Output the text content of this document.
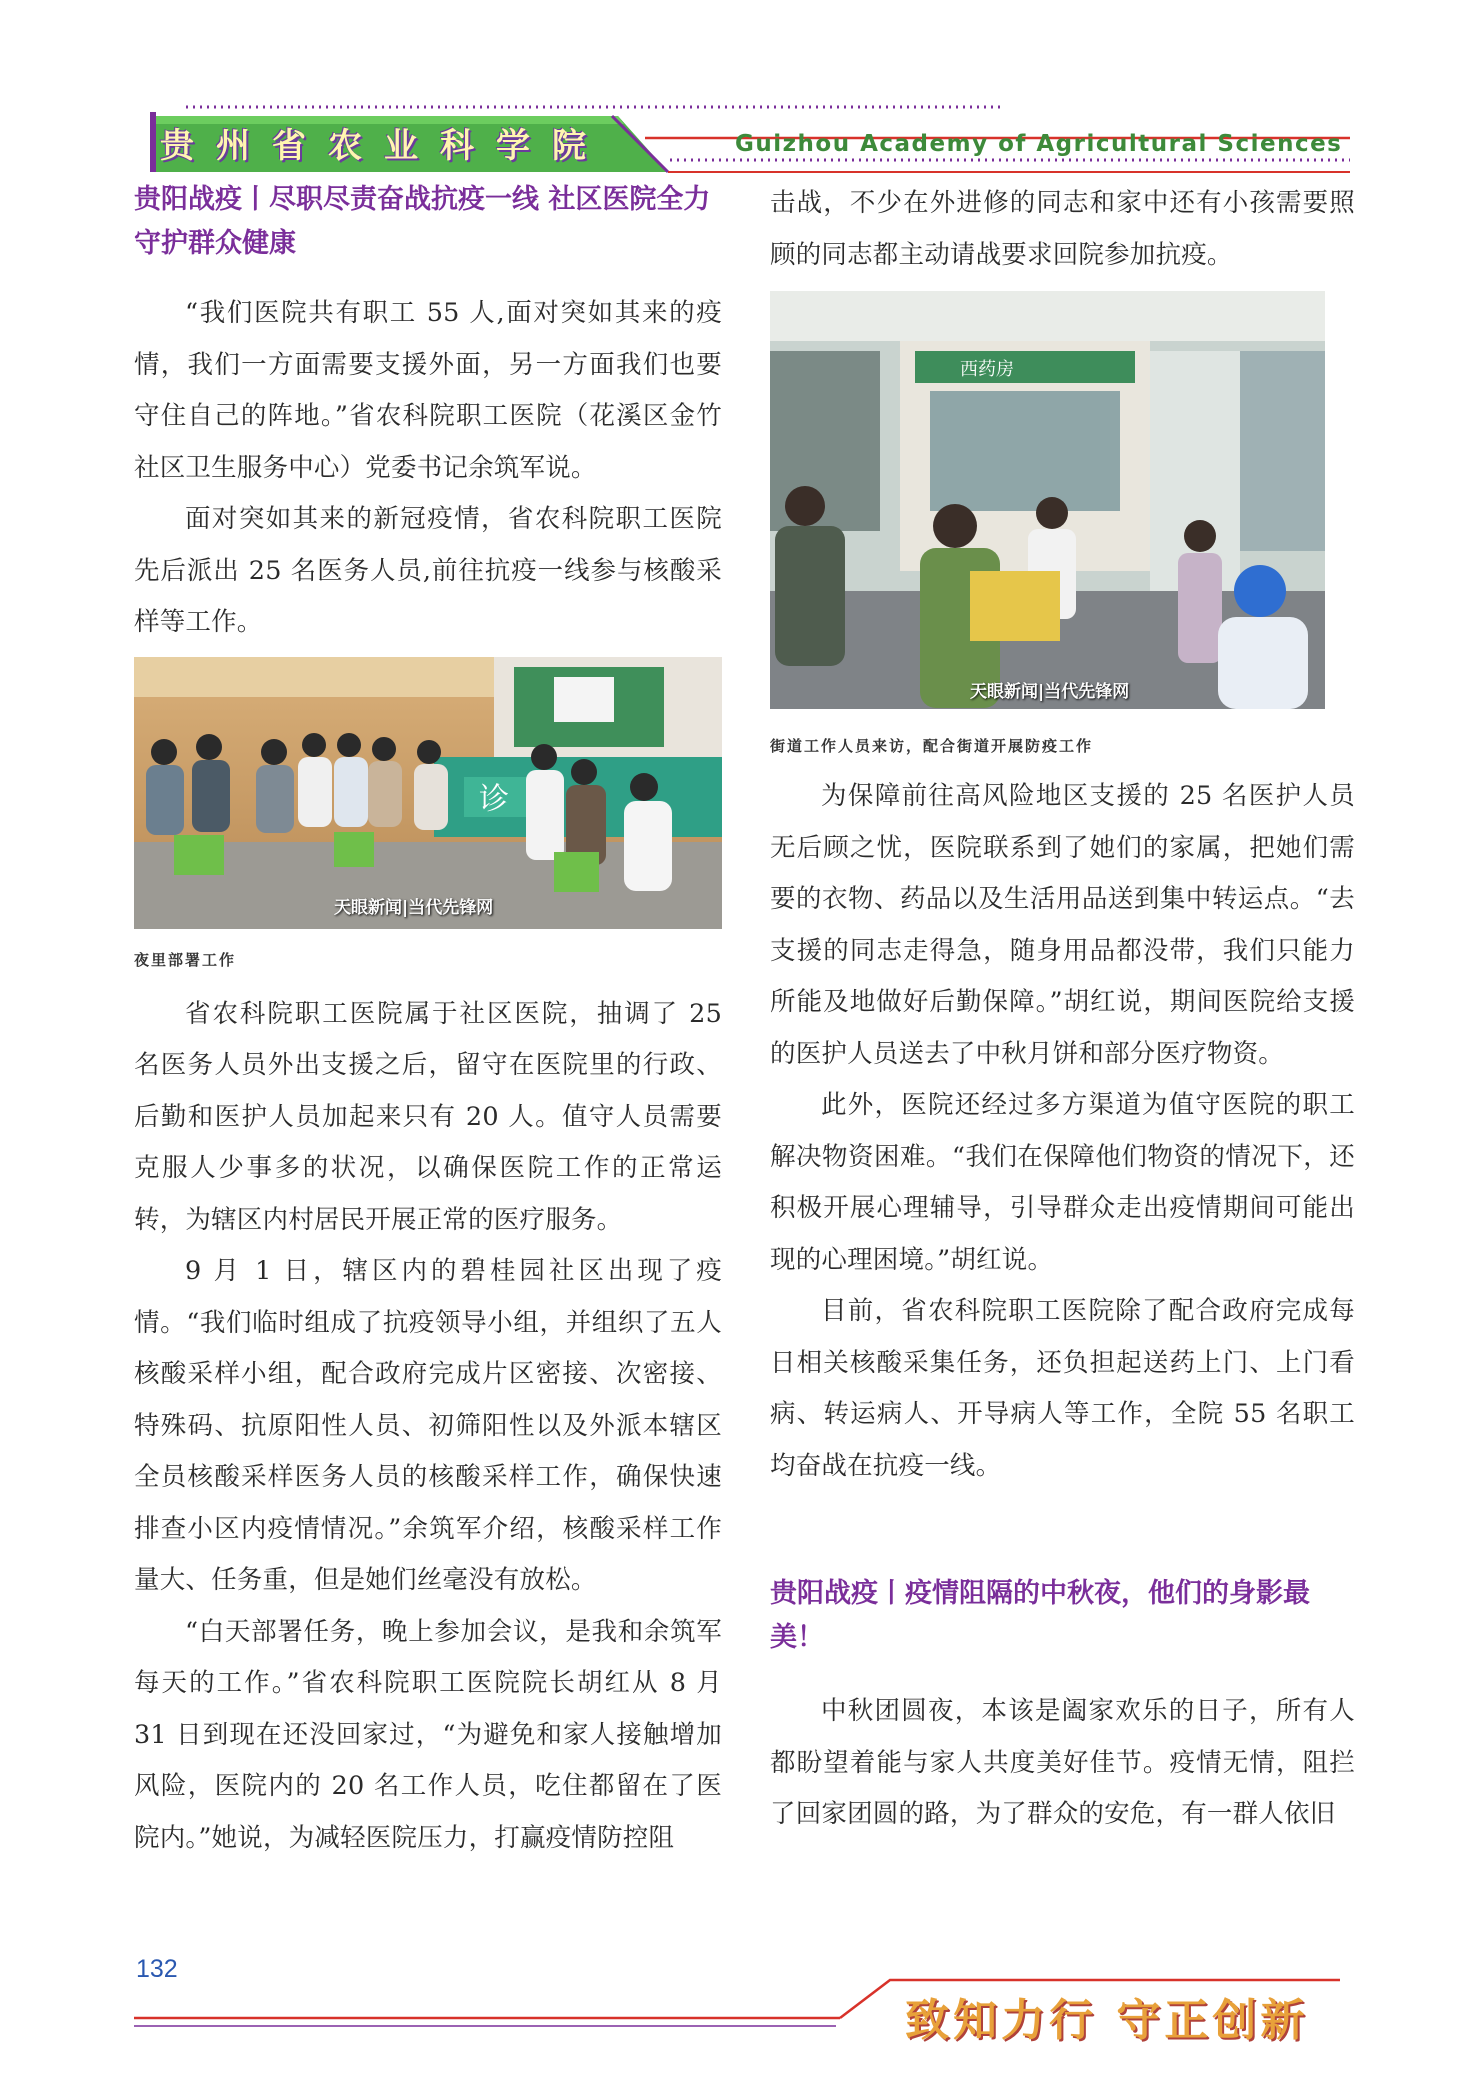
贵州省农业科学院	Guizhou Academy of Agricultural Sciences
贵阳战疫丨尽职尽责奋战抗疫一线 社区医院全力守护群众健康

“我们医院共有职工 55 人,面对突如其来的疫情，我们一方面需要支援外面，另一方面我们也要守住自己的阵地。”省农科院职工医院（花溪区金竹社区卫生服务中心）党委书记余筑军说。

面对突如其来的新冠疫情，省农科院职工医院先后派出 25 名医务人员,前往抗疫一线参与核酸采样等工作。

诊
天眼新闻|当代先锋网

夜里部署工作

省农科院职工医院属于社区医院，抽调了 25 名医务人员外出支援之后，留守在医院里的行政、后勤和医护人员加起来只有 20 人。值守人员需要克服人少事多的状况，以确保医院工作的正常运转，为辖区内村居民开展正常的医疗服务。

9 月 1 日，辖区内的碧桂园社区出现了疫情。“我们临时组成了抗疫领导小组，并组织了五人核酸采样小组，配合政府完成片区密接、次密接、特殊码、抗原阳性人员、初筛阳性以及外派本辖区全员核酸采样医务人员的核酸采样工作，确保快速排查小区内疫情情况。”余筑军介绍，核酸采样工作量大、任务重，但是她们丝毫没有放松。

“白天部署任务，晚上参加会议，是我和余筑军每天的工作。”省农科院职工医院院长胡红从 8 月 31 日到现在还没回家过，“为避免和家人接触增加风险，医院内的 20 名工作人员，吃住都留在了医院内。”她说，为减轻医院压力，打赢疫情防控阻

击战，不少在外进修的同志和家中还有小孩需要照顾的同志都主动请战要求回院参加抗疫。

西药房
天眼新闻|当代先锋网

街道工作人员来访，配合街道开展防疫工作

为保障前往高风险地区支援的 25 名医护人员无后顾之忧，医院联系到了她们的家属，把她们需要的衣物、药品以及生活用品送到集中转运点。“去支援的同志走得急，随身用品都没带，我们只能力所能及地做好后勤保障。”胡红说，期间医院给支援的医护人员送去了中秋月饼和部分医疗物资。

此外，医院还经过多方渠道为值守医院的职工解决物资困难。“我们在保障他们物资的情况下，还积极开展心理辅导，引导群众走出疫情期间可能出现的心理困境。”胡红说。

目前，省农科院职工医院除了配合政府完成每日相关核酸采集任务，还负担起送药上门、上门看病、转运病人、开导病人等工作，全院 55 名职工均奋战在抗疫一线。

贵阳战疫丨疫情阻隔的中秋夜，他们的身影最美！

中秋团圆夜，本该是阖家欢乐的日子，所有人都盼望着能与家人共度美好佳节。疫情无情，阻拦了回家团圆的路，为了群众的安危，有一群人依旧

132
致知力行 守正创新
